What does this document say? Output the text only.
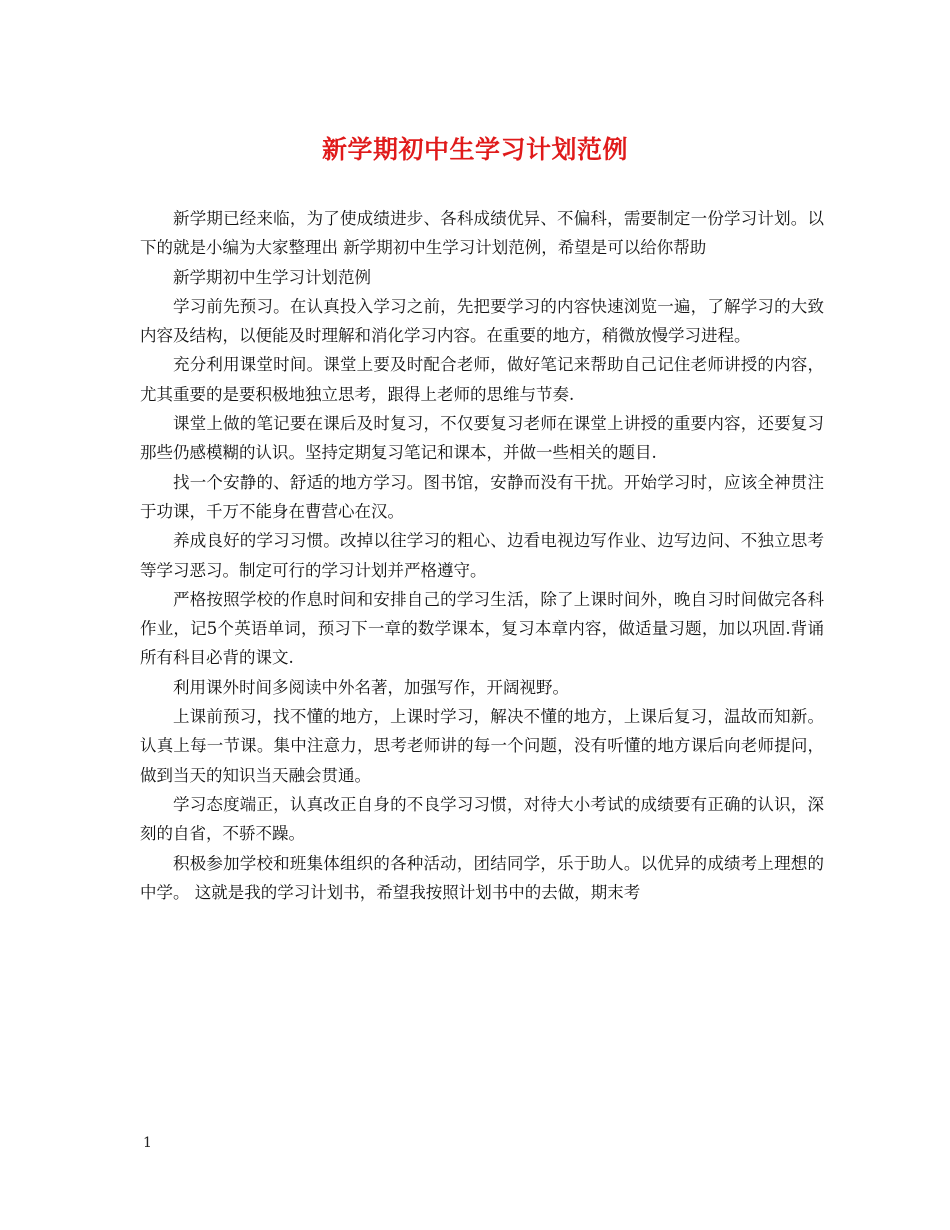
新学期初中生学习计划范例

新学期已经来临，为了使成绩进步、各科成绩优异、不偏科，需要制定一份学习计划。以下的就是小编为大家整理出 新学期初中生学习计划范例，希望是可以给你帮助

新学期初中生学习计划范例

学习前先预习。在认真投入学习之前，先把要学习的内容快速浏览一遍，了解学习的大致内容及结构，以便能及时理解和消化学习内容。在重要的地方，稍微放慢学习进程。

充分利用课堂时间。课堂上要及时配合老师，做好笔记来帮助自己记住老师讲授的内容，尤其重要的是要积极地独立思考，跟得上老师的思维与节奏.

课堂上做的笔记要在课后及时复习，不仅要复习老师在课堂上讲授的重要内容，还要复习那些仍感模糊的认识。坚持定期复习笔记和课本，并做一些相关的题目.

找一个安静的、舒适的地方学习。图书馆，安静而没有干扰。开始学习时，应该全神贯注于功课，千万不能身在曹营心在汉。

养成良好的学习习惯。改掉以往学习的粗心、边看电视边写作业、边写边问、不独立思考等学习恶习。制定可行的学习计划并严格遵守。

严格按照学校的作息时间和安排自己的学习生活，除了上课时间外，晚自习时间做完各科作业，记5个英语单词，预习下一章的数学课本，复习本章内容，做适量习题，加以巩固.背诵所有科目必背的课文.

利用课外时间多阅读中外名著，加强写作，开阔视野。

上课前预习，找不懂的地方，上课时学习，解决不懂的地方，上课后复习，温故而知新。 认真上每一节课。集中注意力，思考老师讲的每一个问题，没有听懂的地方课后向老师提问，做到当天的知识当天融会贯通。

学习态度端正，认真改正自身的不良学习习惯，对待大小考试的成绩要有正确的认识，深刻的自省，不骄不躁。

积极参加学校和班集体组织的各种活动，团结同学，乐于助人。以优异的成绩考上理想的中学。 这就是我的学习计划书，希望我按照计划书中的去做，期末考

1
